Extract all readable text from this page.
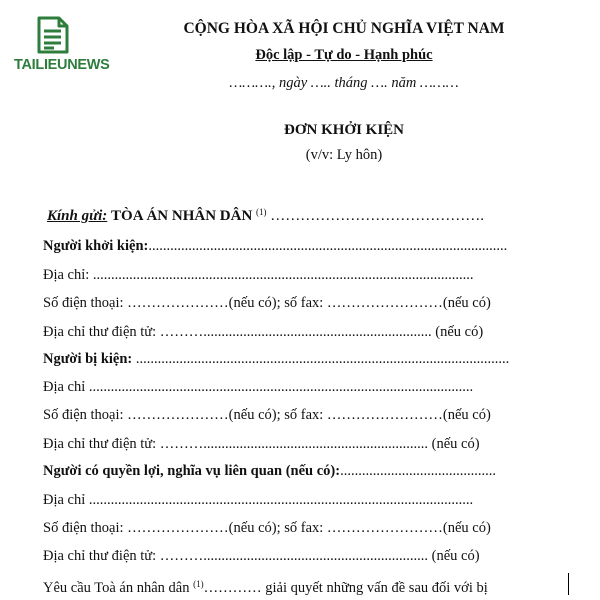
TAILIEUNEWS
CỘNG HÒA XÃ HỘI CHỦ NGHĨA VIỆT NAM
Độc lập - Tự do - Hạnh phúc
………., ngày ….. tháng …. năm ………
ĐƠN KHỞI KIỆN
(v/v: Ly hôn)
Kính gửi: TÒA ÁN NHÂN DÂN $^{(1)}$ …………………………………….
Người khởi kiện:...................................................................................................
Địa chỉ: .........................................................................................................
Số điện thoại: …………………(nếu có); số fax: ……………………(nếu có)
Địa chỉ thư điện tử: ………............................................................... (nếu có)
Người bị kiện: .......................................................................................................
Địa chỉ ..........................................................................................................
Số điện thoại: …………………(nếu có); số fax: ……………………(nếu có)
Địa chỉ thư điện tử: ……….............................................................. (nếu có)
Người có quyền lợi, nghĩa vụ liên quan (nếu có):...........................................
Địa chỉ ..........................................................................................................
Số điện thoại: …………………(nếu có); số fax: ……………………(nếu có)
Địa chỉ thư điện tử: ……….............................................................. (nếu có)
Yêu cầu Toà án nhân dân $^{(1)}$………… giải quyết những vấn đề sau đối với bị
